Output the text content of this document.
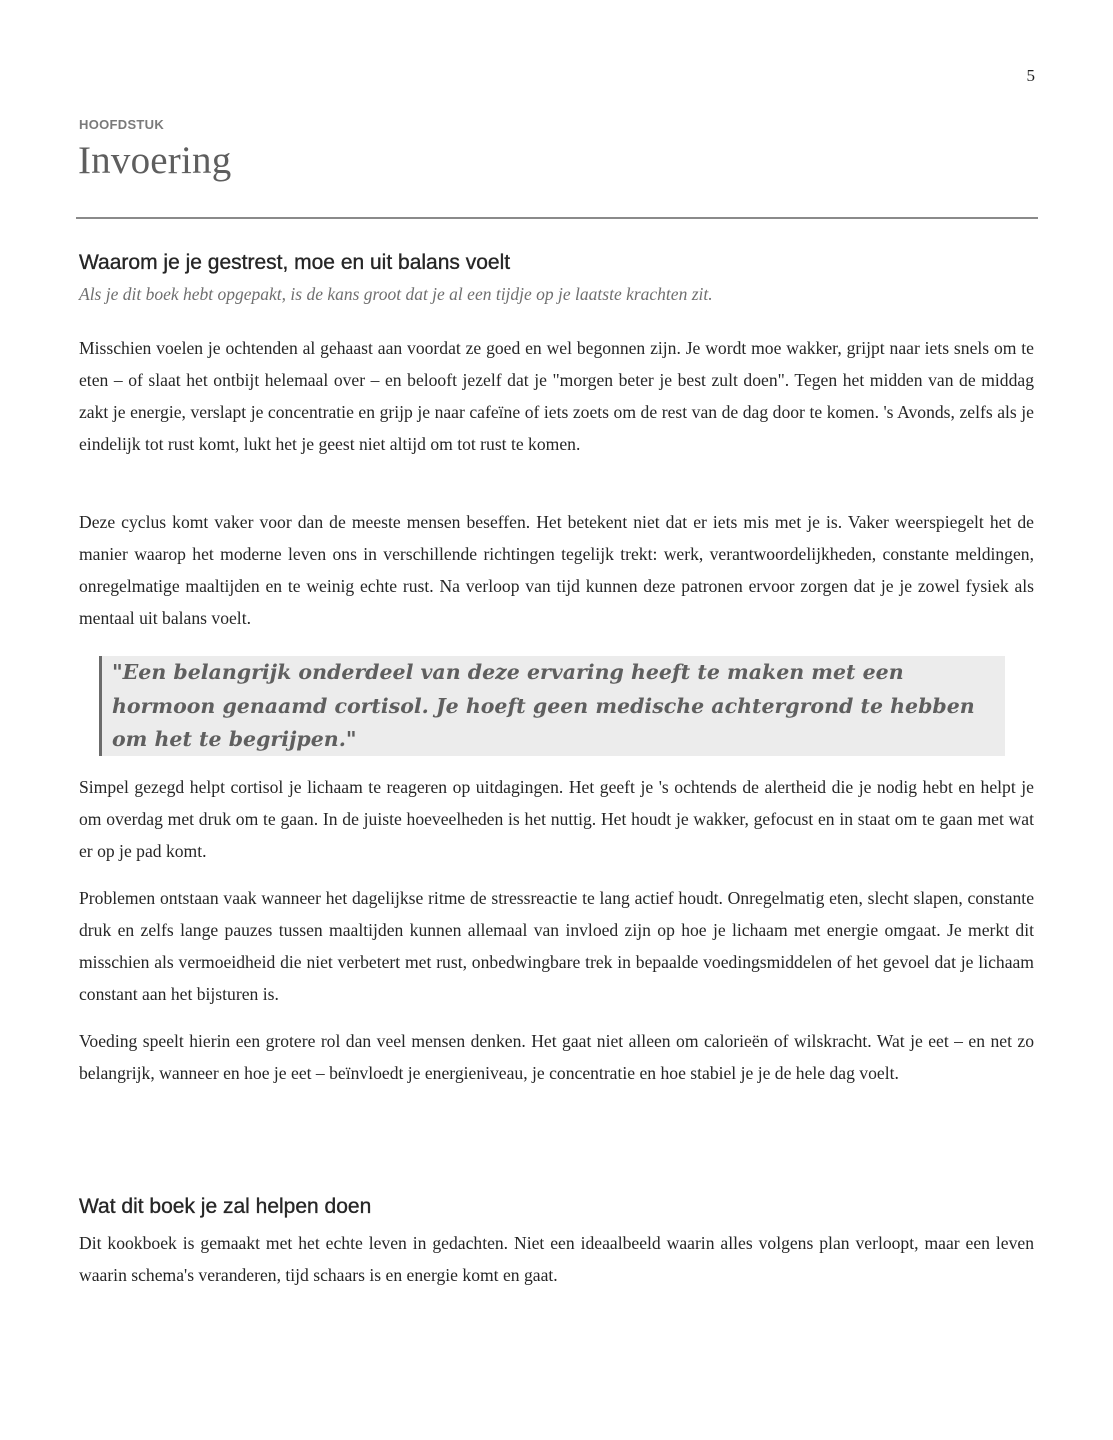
5
HOOFDSTUK
Invoering
Waarom je je gestrest, moe en uit balans voelt

Als je dit boek hebt opgepakt, is de kans groot dat je al een tijdje op je laatste krachten zit.

Misschien voelen je ochtenden al gehaast aan voordat ze goed en wel begonnen zijn. Je wordt moe wakker, grijpt naar iets snels om te eten – of slaat het ontbijt helemaal over – en belooft jezelf dat je "morgen beter je best zult doen". Tegen het midden van de middag zakt je energie, verslapt je concentratie en grijp je naar cafeïne of iets zoets om de rest van de dag door te komen. 's Avonds, zelfs als je eindelijk tot rust komt, lukt het je geest niet altijd om tot rust te komen.

Deze cyclus komt vaker voor dan de meeste mensen beseffen. Het betekent niet dat er iets mis met je is. Vaker weerspiegelt het de manier waarop het moderne leven ons in verschillende richtingen tegelijk trekt: werk, verantwoordelijkheden, constante meldingen, onregelmatige maaltijden en te weinig echte rust. Na verloop van tijd kunnen deze patronen ervoor zorgen dat je je zowel fysiek als mentaal uit balans voelt.

"Een belangrijk onderdeel van deze ervaring heeft te maken met een hormoon genaamd cortisol. Je hoeft geen medische achtergrond te hebben om het te begrijpen."

Simpel gezegd helpt cortisol je lichaam te reageren op uitdagingen. Het geeft je 's ochtends de alertheid die je nodig hebt en helpt je om overdag met druk om te gaan. In de juiste hoeveelheden is het nuttig. Het houdt je wakker, gefocust en in staat om te gaan met wat er op je pad komt.

Problemen ontstaan vaak wanneer het dagelijkse ritme de stressreactie te lang actief houdt. Onregelmatig eten, slecht slapen, constante druk en zelfs lange pauzes tussen maaltijden kunnen allemaal van invloed zijn op hoe je lichaam met energie omgaat. Je merkt dit misschien als vermoeidheid die niet verbetert met rust, onbedwingbare trek in bepaalde voedingsmiddelen of het gevoel dat je lichaam constant aan het bijsturen is.

Voeding speelt hierin een grotere rol dan veel mensen denken. Het gaat niet alleen om calorieën of wilskracht. Wat je eet – en net zo belangrijk, wanneer en hoe je eet – beïnvloedt je energieniveau, je concentratie en hoe stabiel je je de hele dag voelt.

Wat dit boek je zal helpen doen

Dit kookboek is gemaakt met het echte leven in gedachten. Niet een ideaalbeeld waarin alles volgens plan verloopt, maar een leven waarin schema's veranderen, tijd schaars is en energie komt en gaat.
